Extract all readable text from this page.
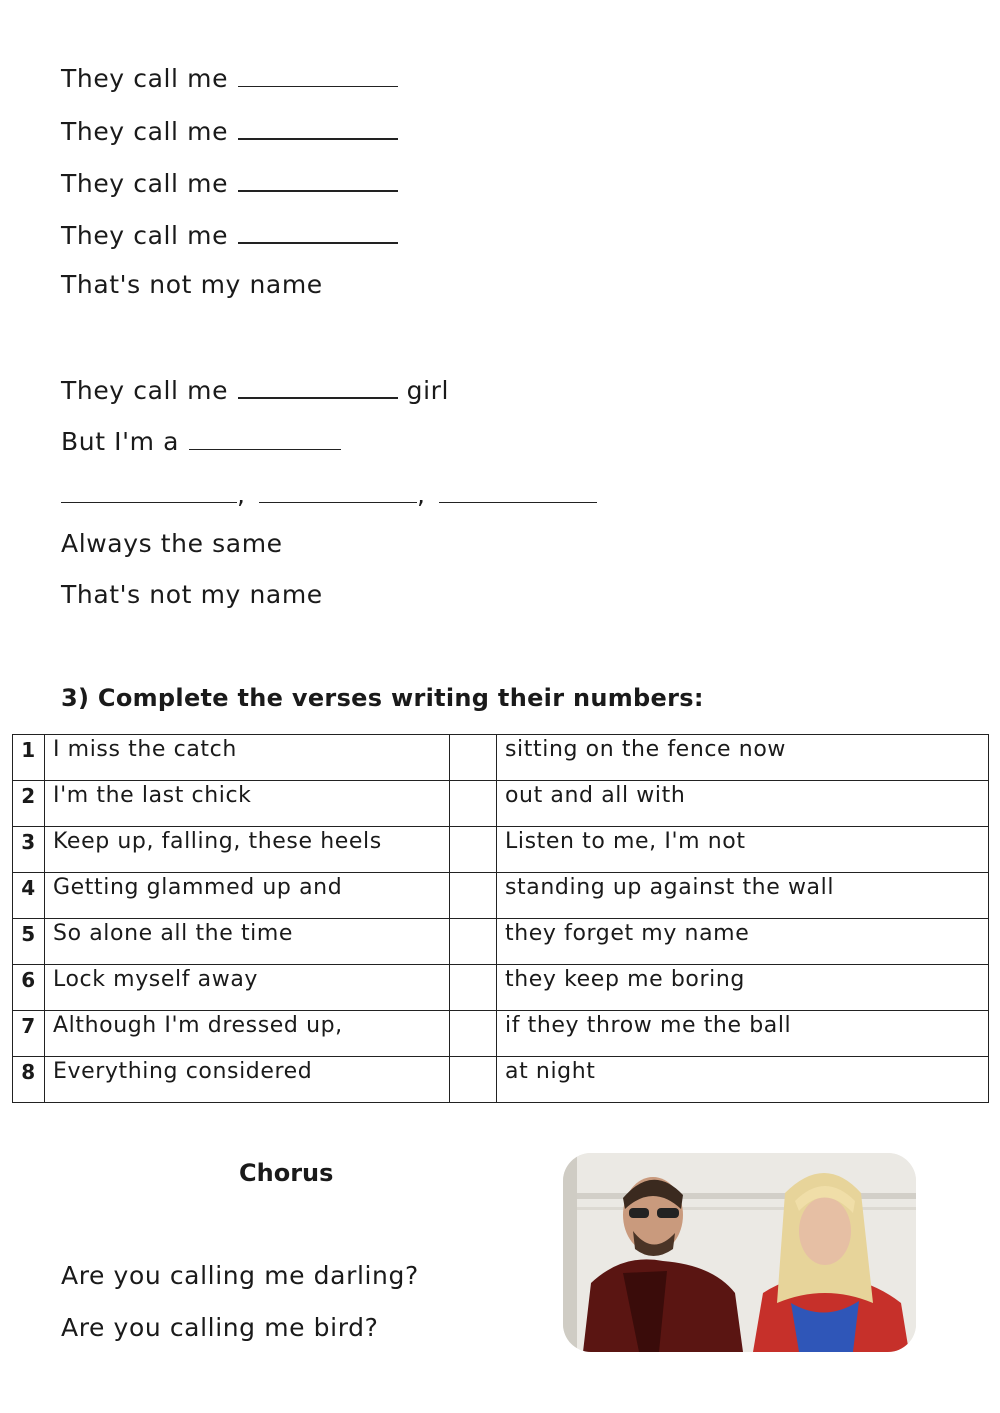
They call me
They call me
They call me
They call me
That's not my name
They call me	girl
But I'm a
,	,
Always the same
That's not my name
3) Complete the verses writing their numbers:
1	I miss the catch		sitting on the fence now
2	I'm the last chick		out and all with
3	Keep up, falling, these heels		Listen to me, I'm not
4	Getting glammed up and		standing up against the wall
5	So alone all the time		they forget my name
6	Lock myself away		they keep me boring
7	Although I'm dressed up,		if they throw me the ball
8	Everything considered		at night
Chorus
Are you calling me darling?
Are you calling me bird?
